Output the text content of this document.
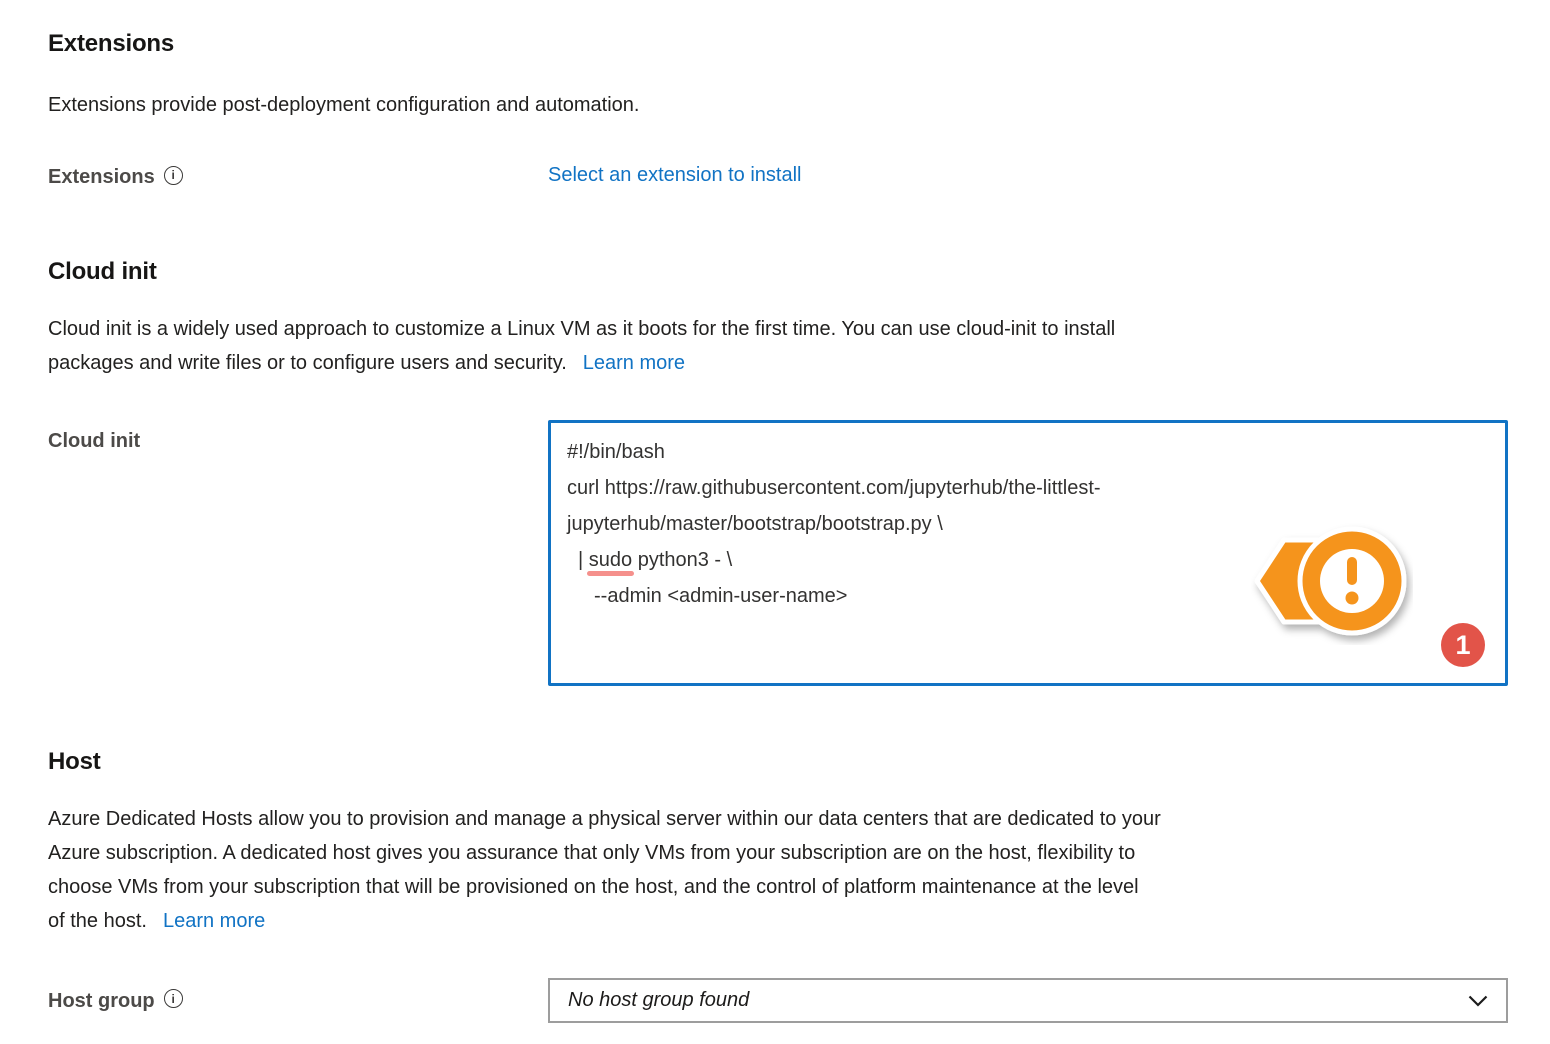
Extensions

Extensions provide post-deployment configuration and automation.

Extensions	i	Select an extension to install
Cloud init

Cloud init is a widely used approach to customize a Linux VM as it boots for the first time. You can use cloud-init to install
packages and write files or to configure users and security. Learn more

Cloud init	#!/bin/bash
curl https://raw.githubusercontent.com/jupyterhub/the-littlest-
jupyterhub/master/bootstrap/bootstrap.py \
| sudo python3 - \
--admin <admin-user-name>
1
Host

Azure Dedicated Hosts allow you to provision and manage a physical server within our data centers that are dedicated to your
Azure subscription. A dedicated host gives you assurance that only VMs from your subscription are on the host, flexibility to
choose VMs from your subscription that will be provisioned on the host, and the control of platform maintenance at the level
of the host. Learn more

Host group	i	No host group found
